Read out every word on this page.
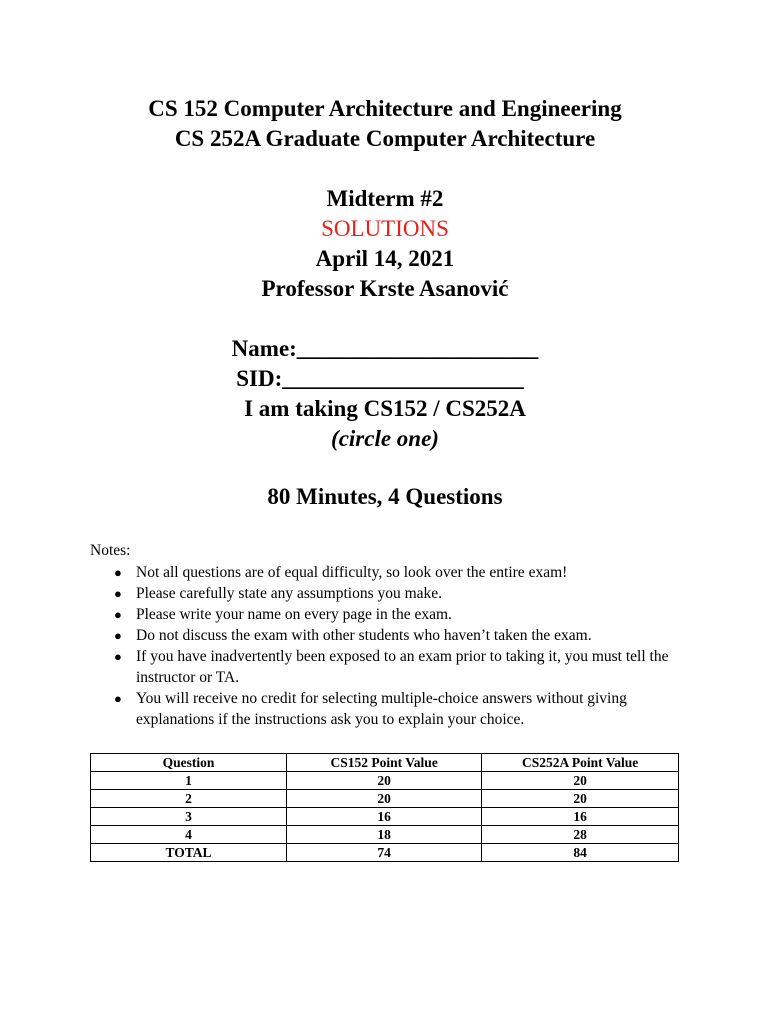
CS 152 Computer Architecture and Engineering
CS 252A Graduate Computer Architecture
Midterm #2
SOLUTIONS
April 14, 2021
Professor Krste Asanović
Name:_____________________
SID:_____________________
I am taking CS152 / CS252A
(circle one)
80 Minutes, 4 Questions
Notes:
● Not all questions are of equal difficulty, so look over the entire exam!
● Please carefully state any assumptions you make.
● Please write your name on every page in the exam.
● Do not discuss the exam with other students who haven’t taken the exam.
● If you have inadvertently been exposed to an exam prior to taking it, you must tell the instructor or TA.
● You will receive no credit for selecting multiple-choice answers without giving explanations if the instructions ask you to explain your choice.
Question	CS152 Point Value	CS252A Point Value
1	20	20
2	20	20
3	16	16
4	18	28
TOTAL	74	84
